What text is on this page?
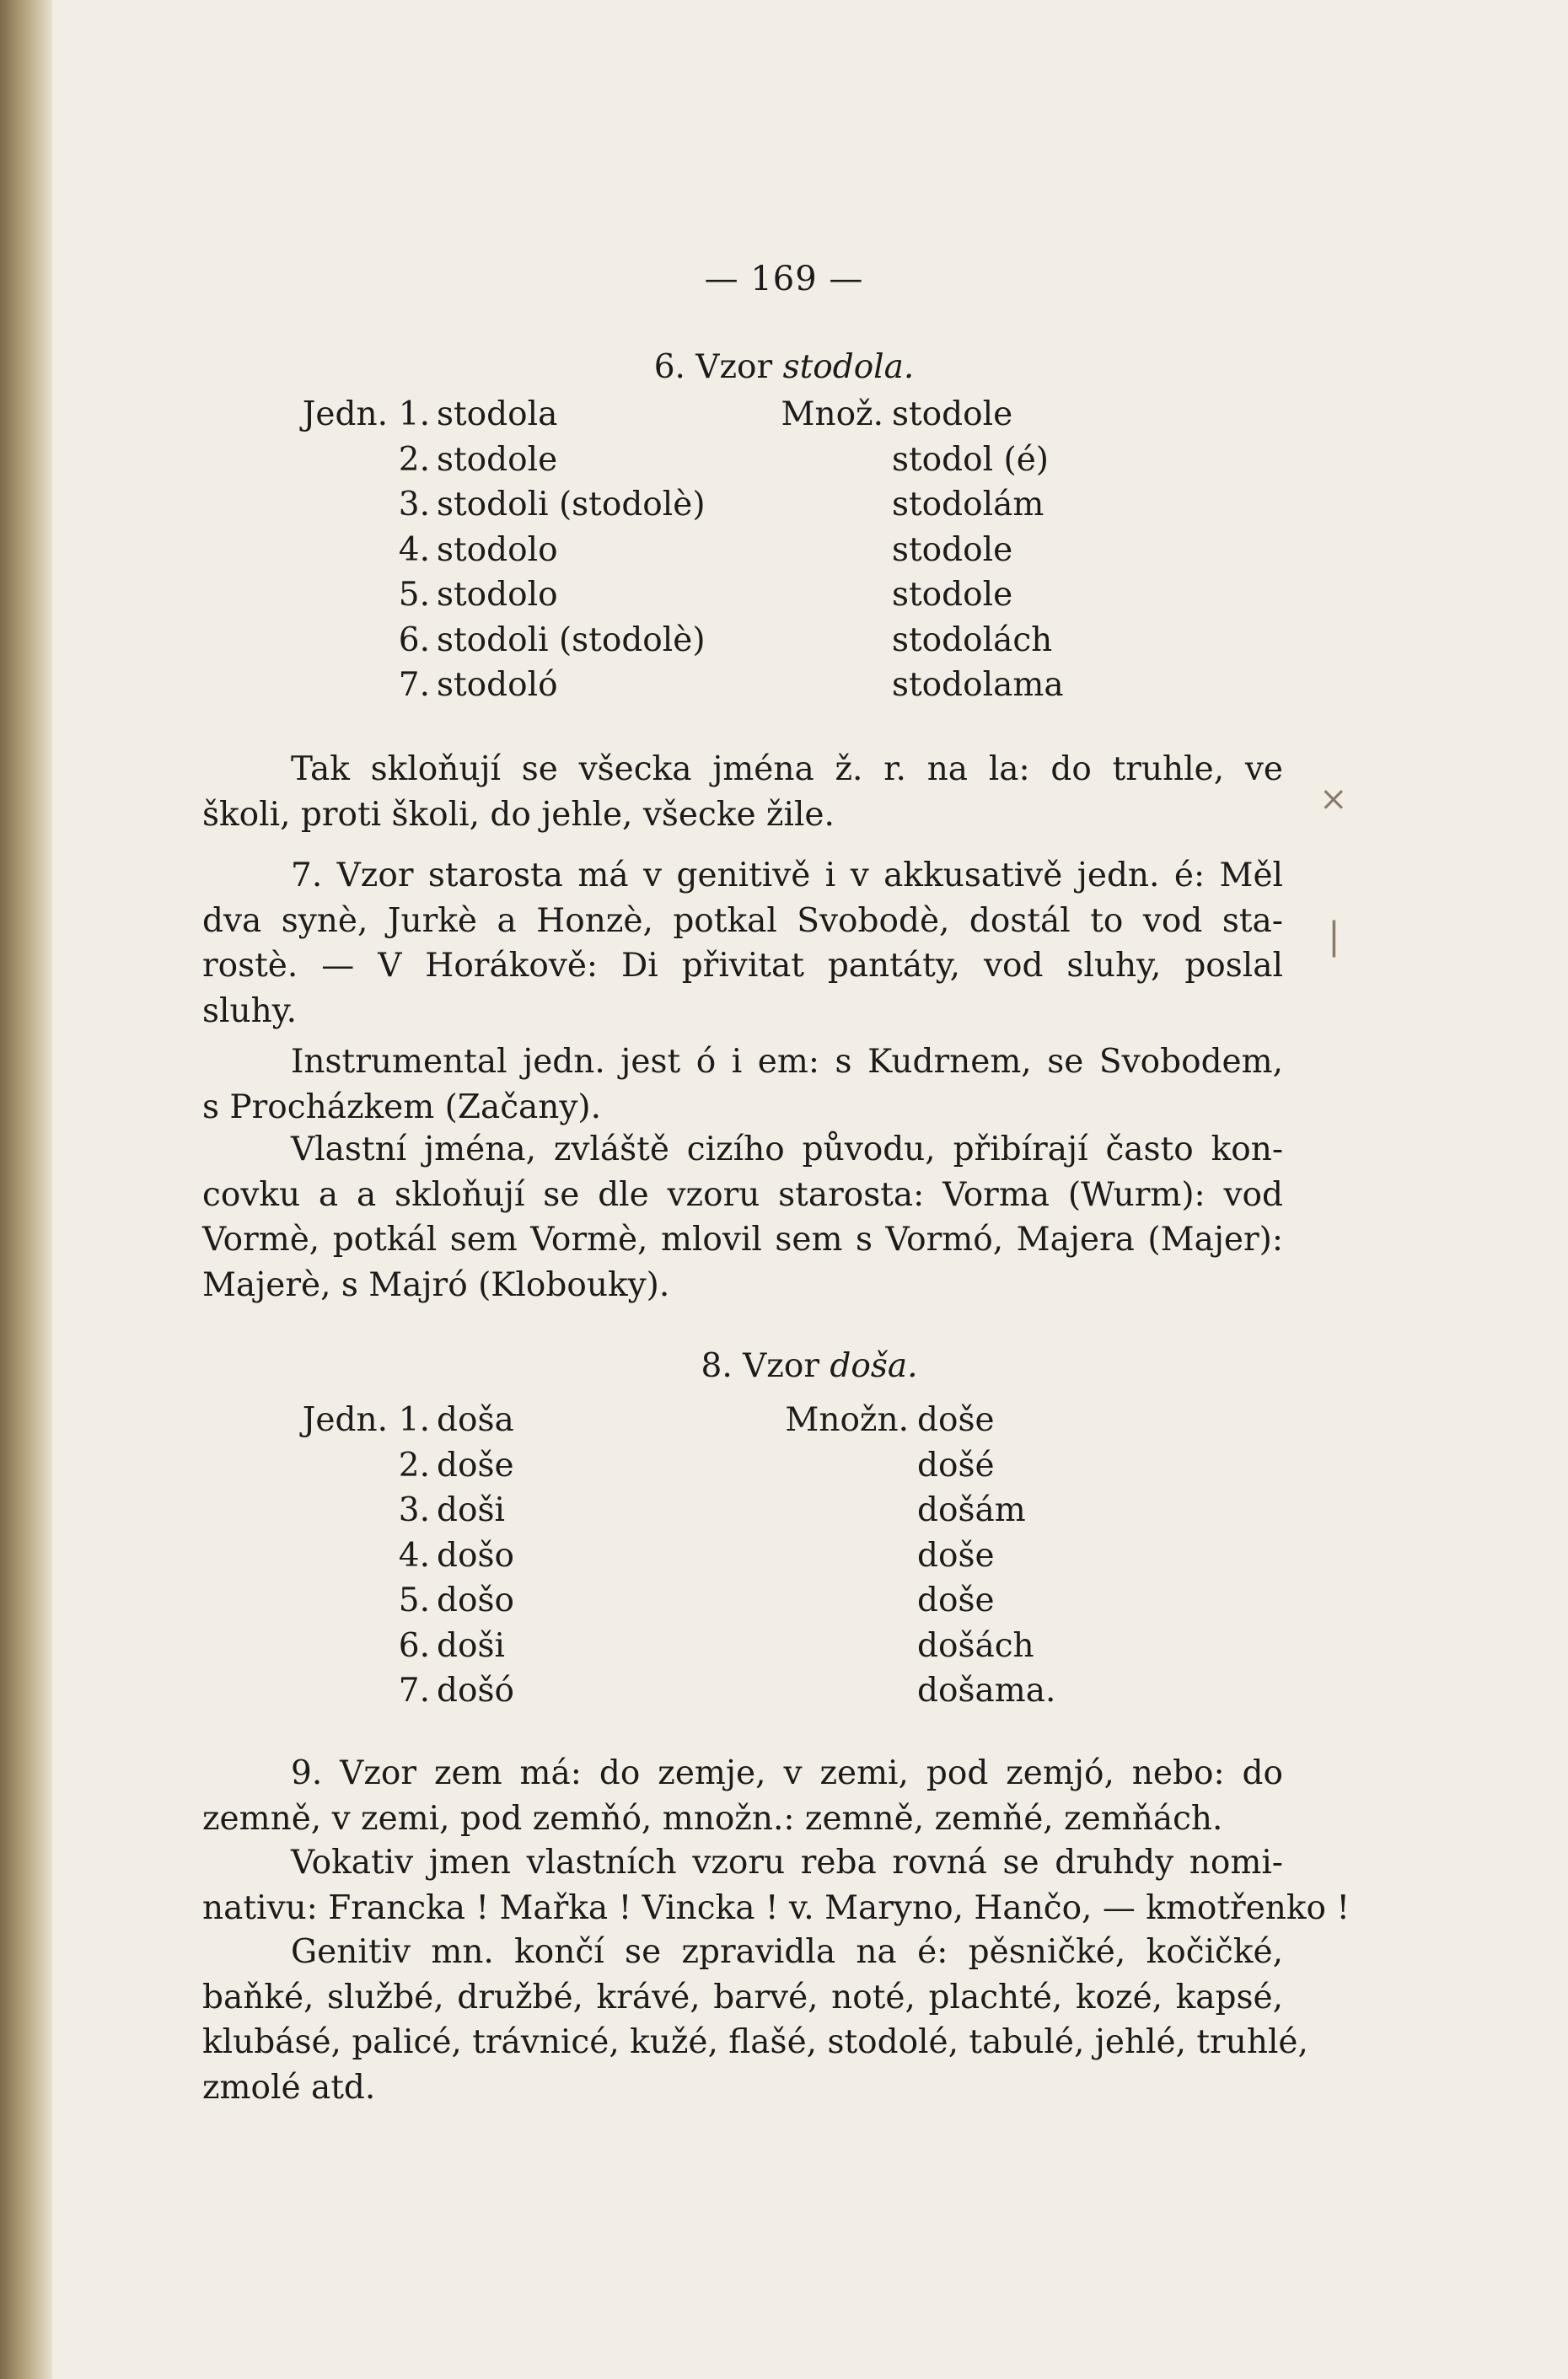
— 169 —
6. Vzor stodola.
Jedn. 1. stodola	Množ. stodole
2. stodole	stodol (é)
3. stodoli (stodolè)	stodolám
4. stodolo	stodole
5. stodolo	stodole
6. stodoli (stodolè)	stodolách
7. stodoló	stodolama
Tak skloňují se všecka jména ž. r. na la: do truhle, ve
školi, proti školi, do jehle, všecke žile.
7. Vzor starosta má v genitivě i v akkusativě jedn. é: Měl
dva synè, Jurkè a Honzè, potkal Svobodè, dostál to vod sta-
rostè. — V Horákově: Di přivitat pantáty, vod sluhy, poslal
sluhy.
Instrumental jedn. jest ó i em: s Kudrnem, se Svobodem,
s Procházkem (Začany).
Vlastní jména, zvláště cizího původu, přibírají často kon-
covku a a skloňují se dle vzoru starosta: Vorma (Wurm): vod
Vormè, potkál sem Vormè, mlovil sem s Vormó, Majera (Majer):
Majerè, s Majró (Klobouky).
8. Vzor doša.
Jedn. 1. doša	Množn. doše
2. doše	došé
3. doši	došám
4. došo	doše
5. došo	doše
6. doši	došách
7. došó	došama.
9. Vzor zem má: do zemje, v zemi, pod zemjó, nebo: do
zemně, v zemi, pod zemňó, množn.: zemně, zemňé, zemňách.
Vokativ jmen vlastních vzoru reba rovná se druhdy nomi-
nativu: Francka ! Mařka ! Vincka ! v. Maryno, Hančo, — kmotřenko !
Genitiv mn. končí se zpravidla na é: pěsničké, kočičké,
baňké, službé, družbé, krávé, barvé, noté, plachté, kozé, kapsé,
klubásé, palicé, trávnicé, kužé, flašé, stodolé, tabulé, jehlé, truhlé,
zmolé atd.
×
|
